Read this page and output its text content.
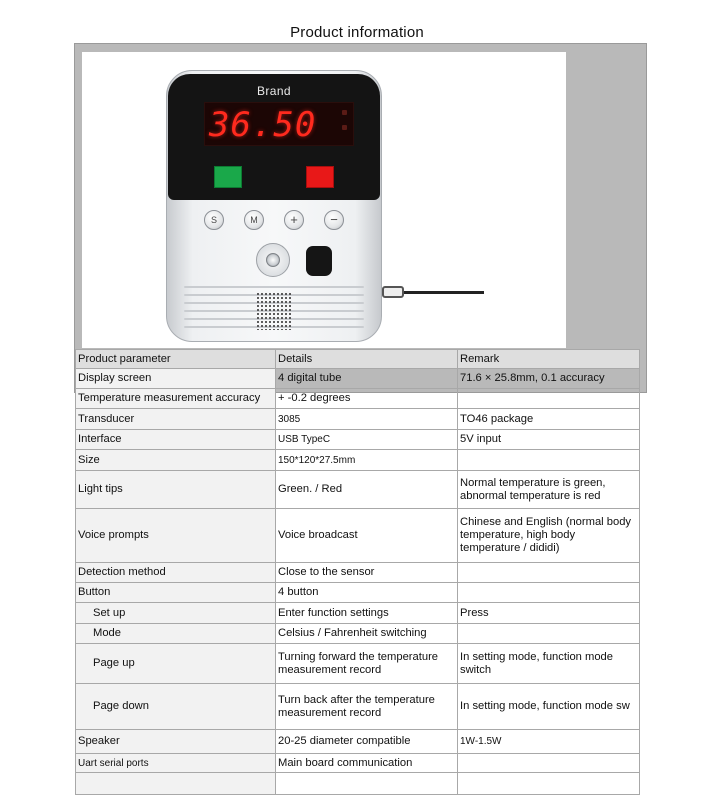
Product information
Brand
36.50
S	M	+	−
Product parameter	Details	Remark
Display screen	4 digital tube	71.6 × 25.8mm, 0.1 accuracy
Temperature measurement accuracy	+ -0.2 degrees	
Transducer	3085	TO46 package
Interface	USB TypeC	5V input
Size	150*120*27.5mm	
Light tips	Green. / Red	Normal temperature is green, abnormal temperature is red
Voice prompts	Voice broadcast	Chinese and English (normal body temperature, high body temperature / dididi)
Detection method	Close to the sensor	
Button	4 button	
Set up	Enter function settings	Press
Mode	Celsius / Fahrenheit switching	
Page up	Turning forward the temperature measurement record	In setting mode, function mode switch
Page down	Turn back after the temperature measurement record	In setting mode, function mode sw
Speaker	20-25 diameter compatible	1W-1.5W
Uart serial ports	Main board communication	
